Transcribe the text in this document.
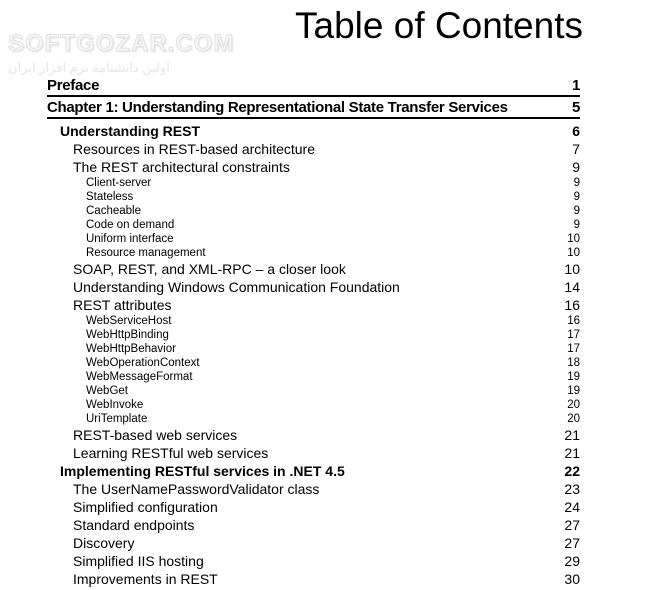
SOFTGOZAR.COM
اولین دانشنامه نرم افزار ایران
Table of Contents
Preface	1
Chapter 1: Understanding Representational State Transfer Services	5
Understanding REST	6
Resources in REST-based architecture	7
The REST architectural constraints	9
Client-server	9
Stateless	9
Cacheable	9
Code on demand	9
Uniform interface	10
Resource management	10
SOAP, REST, and XML-RPC – a closer look	10
Understanding Windows Communication Foundation	14
REST attributes	16
WebServiceHost	16
WebHttpBinding	17
WebHttpBehavior	17
WebOperationContext	18
WebMessageFormat	19
WebGet	19
WebInvoke	20
UriTemplate	20
REST-based web services	21
Learning RESTful web services	21
Implementing RESTful services in .NET 4.5	22
The UserNamePasswordValidator class	23
Simplified configuration	24
Standard endpoints	27
Discovery	27
Simplified IIS hosting	29
Improvements in REST	30
